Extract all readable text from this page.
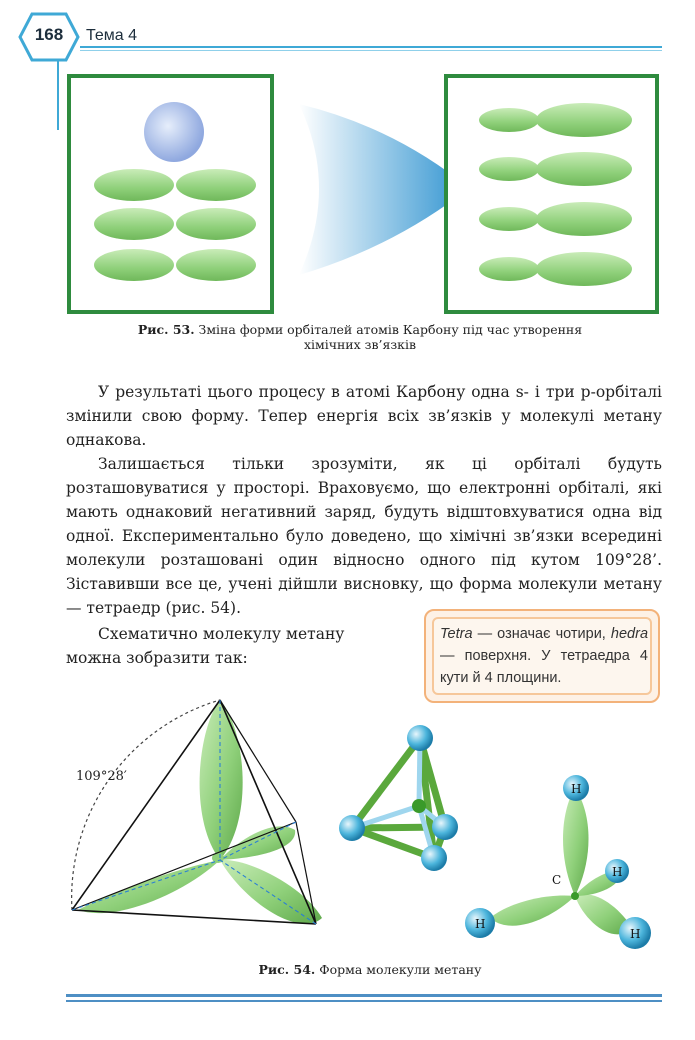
168	Тема 4
Рис. 53. Зміна форми орбіталей атомів Карбону під час утворення
хімічних зв’язків
У результаті цього процесу в атомі Карбону одна s- і три p-орбіталі змінили свою форму. Тепер енергія всіх зв’язків у молекулі метану однакова.
Залишається тільки зрозуміти, як ці орбіталі будуть розташовуватися у просторі. Враховуємо, що електронні орбіталі, які мають однаковий негативний заряд, будуть відштовхуватися одна від одної. Експериментально було доведено, що хімічні зв’язки всередині молекули розташовані один відносно одного під кутом 109°28’. Зіставивши все це, учені дійшли висновку, що форма молекули метану — тетраедр (рис. 54).
Схематично молекулу метану можна зобразити так:
Tetra — означає чотири, hedra — поверхня. У тетраедра 4 кути й 4 площини.
109°28′
H
H
H
H
C
Рис. 54. Форма молекули метану
